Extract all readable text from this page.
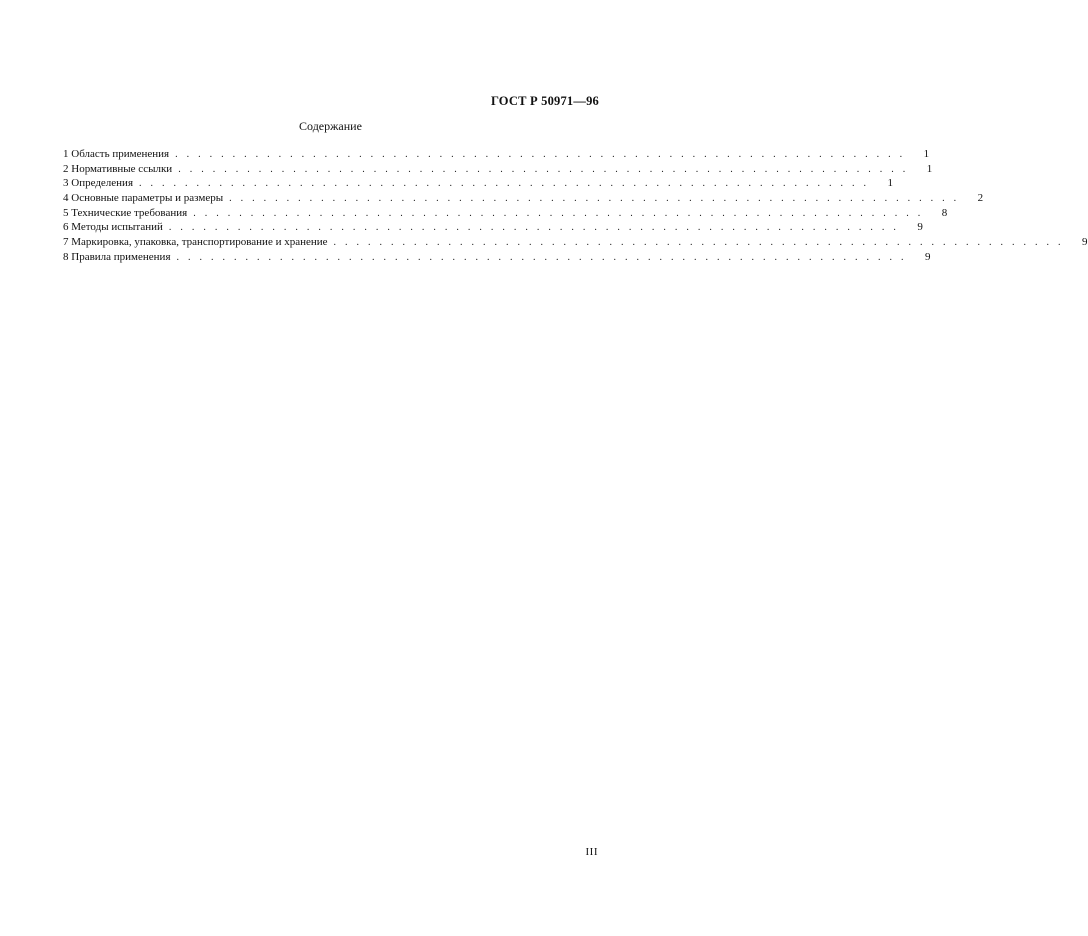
ГОСТ Р 50971—96
Содержание
1 Область применения ................................................................	1
2 Нормативные ссылки ................................................................	1
3 Определения ................................................................	1
4 Основные параметры и размеры ................................................................	2
5 Технические требования ................................................................	8
6 Методы испытаний ................................................................	9
7 Маркировка, упаковка, транспортирование и хранение ................................................................	9
8 Правила применения ................................................................	9
III
